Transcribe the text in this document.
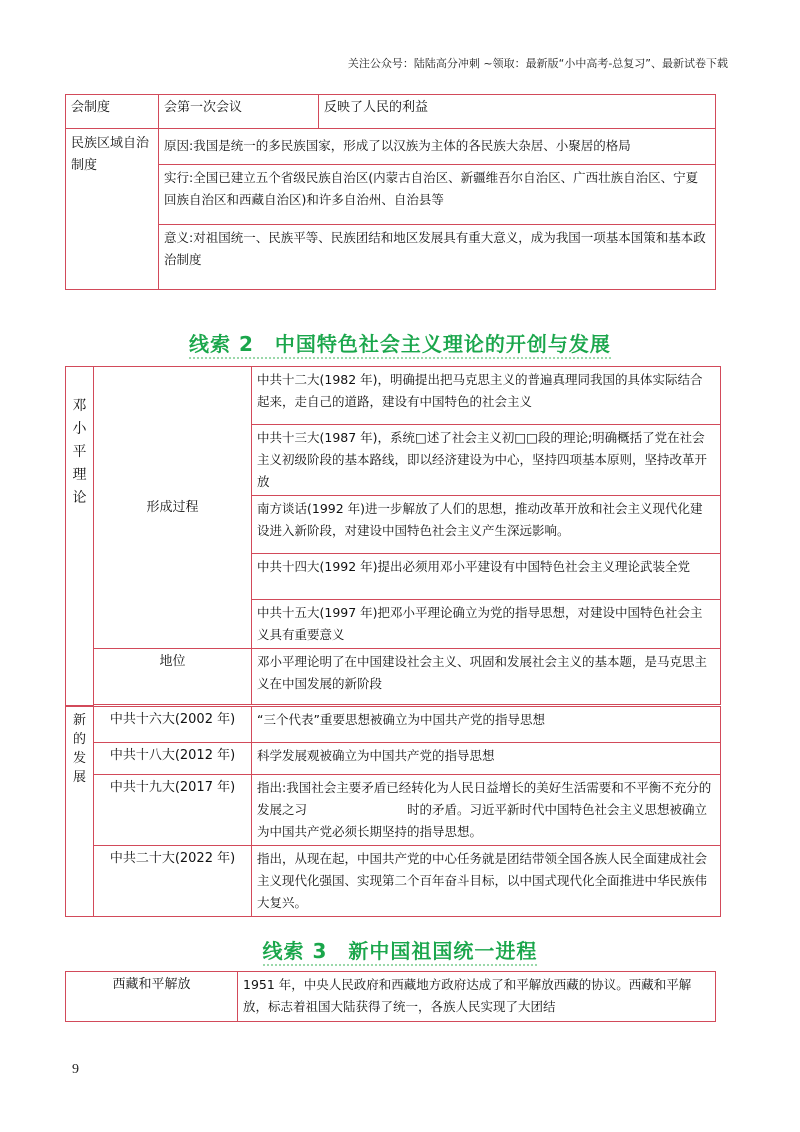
关注公众号：陆陆高分冲刺 ~领取：最新版“小中高考-总复习”、最新试卷下载
会制度	会第一次会议	反映了人民的利益
民族区域自治制度	原因:我国是统一的多民族国家，形成了以汉族为主体的各民族大杂居、小聚居的格局	
	实行:全国已建立五个省级民族自治区(内蒙古自治区、新疆维吾尔自治区、广西壮族自治区、宁夏回族自治区和西藏自治区)和许多自治州、自治县等	
	意义:对祖国统一、民族平等、民族团结和地区发展具有重大意义，成为我国一项基本国策和基本政治制度	
线索 2　中国特色社会主义理论的开创与发展
邓小平理论	形成过程	中共十二大(1982 年)，明确提出把马克思主义的普遍真理同我国的具体实际结合起来，走自己的道路，建设有中国特色的社会主义
		中共十三大(1987 年)，系统□述了社会主义初□□段的理论;明确概括了党在社会主义初级阶段的基本路线，即以经济建设为中心，坚持四项基本原则，坚持改革开放
		南方谈话(1992 年)进一步解放了人们的思想，推动改革开放和社会主义现代化建设进入新阶段，对建设中国特色社会主义产生深远影响。
		中共十四大(1992 年)提出必须用邓小平建设有中国特色社会主义理论武装全党
		中共十五大(1997 年)把邓小平理论确立为党的指导思想，对建设中国特色社会主义具有重要意义
	地位	邓小平理论明了在中国建设社会主义、巩固和发展社会主义的基本题，是马克思主义在中国发展的新阶段

新的发展	中共十六大(2002 年)	“三个代表”重要思想被确立为中国共产党的指导思想
	中共十八大(2012 年)	科学发展观被确立为中国共产党的指导思想
	中共十九大(2017 年)	指出:我国社会主要矛盾已经转化为人民日益增长的美好生活需要和不平衡不充分的发展之习　　　　　　　　时的矛盾。习近平新时代中国特色社会主义思想被确立为中国共产党必须长期坚持的指导思想。
	中共二十大(2022 年)	指出，从现在起，中国共产党的中心任务就是团结带领全国各族人民全面建成社会主义现代化强国、实现第二个百年奋斗目标，以中国式现代化全面推进中华民族伟大复兴。
线索 3　新中国祖国统一进程
西藏和平解放	1951 年，中央人民政府和西藏地方政府达成了和平解放西藏的协议。西藏和平解放，标志着祖国大陆获得了统一，各族人民实现了大团结
9
